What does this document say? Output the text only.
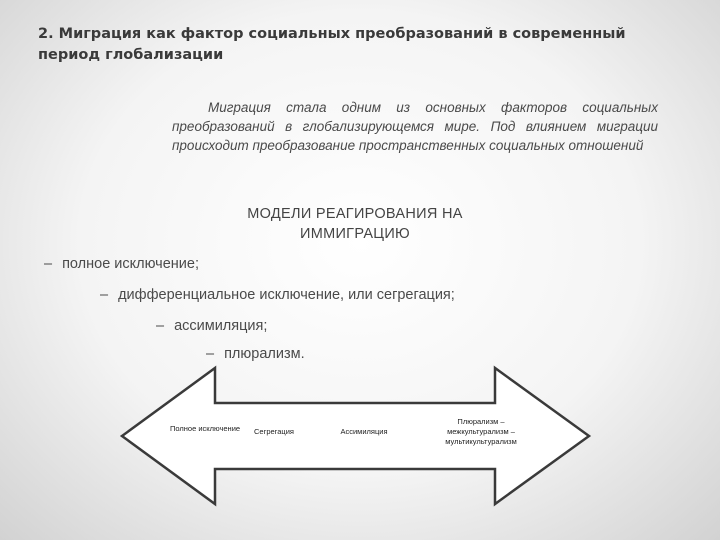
2. Миграция как фактор социальных преобразований в современный период глобализации

Миграция стала одним из основных факторов социальных преобразований в глобализирующемся мире. Под влиянием миграции происходит преобразование пространственных социальных отношений

МОДЕЛИ РЕАГИРОВАНИЯ НА ИММИГРАЦИЮ
– полное исключение;
– дифференциальное исключение, или сегрегация;
– ассимиляция;
– плюрализм.
Полное исключение	Сегрегация	Ассимиляция
Плюрализм –
межкультурализм –
мультикультурализм
